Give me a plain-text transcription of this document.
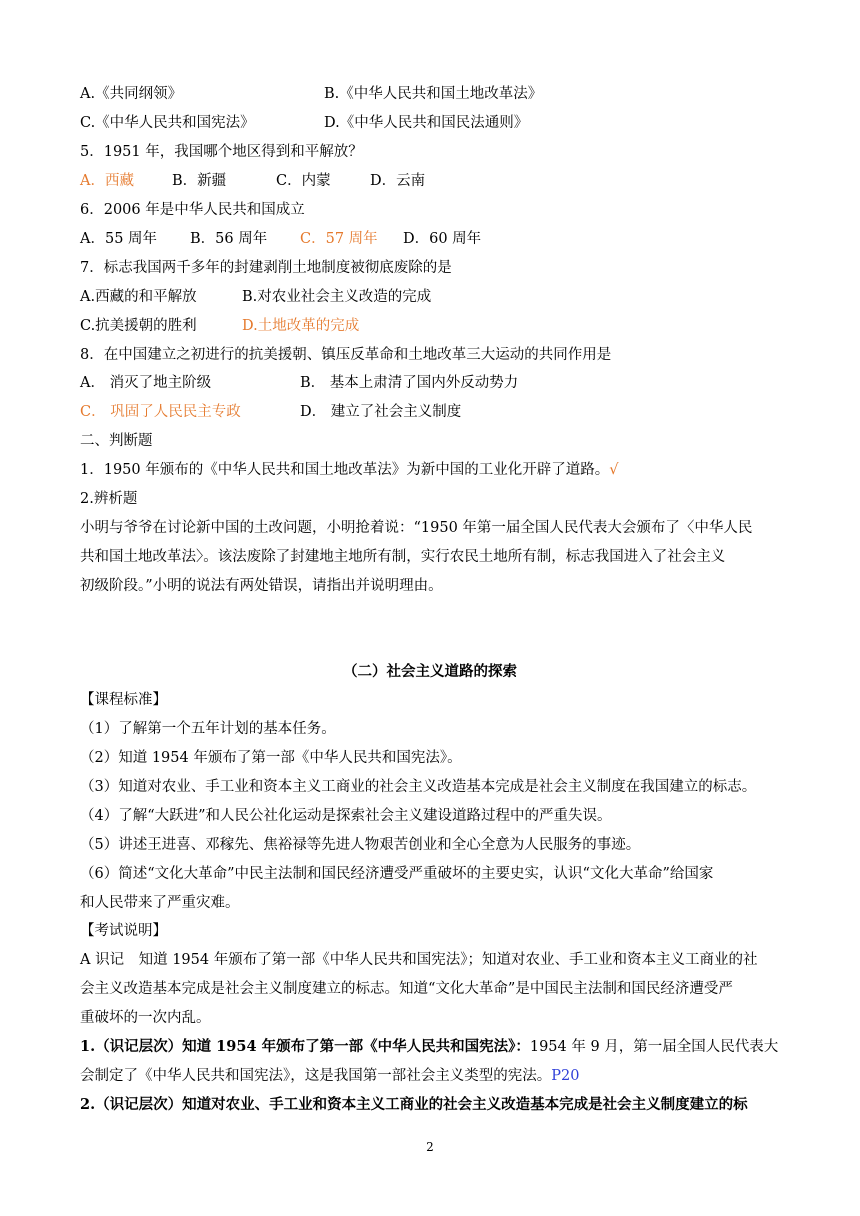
A.《共同纲领》	B.《中华人民共和国土地改革法》
C.《中华人民共和国宪法》	D.《中华人民共和国民法通则》
5．1951 年，我国哪个地区得到和平解放？
A．西藏	B．新疆	C．内蒙	D．云南
6．2006 年是中华人民共和国成立
A．55 周年 B．56 周年 C．57 周年 D．60 周年
7．标志我国两千多年的封建剥削土地制度被彻底废除的是
A.西藏的和平解放	B.对农业社会主义改造的完成
C.抗美援朝的胜利	D.土地改革的完成
8．在中国建立之初进行的抗美援朝、镇压反革命和土地改革三大运动的共同作用是
A． 消灭了地主阶级	B． 基本上肃清了国内外反动势力
C． 巩固了人民民主专政	D． 建立了社会主义制度
二、判断题
1．1950 年颁布的《中华人民共和国土地改革法》为新中国的工业化开辟了道路。√
2.辨析题
小明与爷爷在讨论新中国的土改问题，小明抢着说：“1950 年第一届全国人民代表大会颁布了〈中华人民
共和国土地改革法〉。该法废除了封建地主地所有制，实行农民土地所有制，标志我国进入了社会主义
初级阶段。”小明的说法有两处错误，请指出并说明理由。
（二）社会主义道路的探索
【课程标准】
（1）了解第一个五年计划的基本任务。
（2）知道 1954 年颁布了第一部《中华人民共和国宪法》。
（3）知道对农业、手工业和资本主义工商业的社会主义改造基本完成是社会主义制度在我国建立的标志。
（4）了解“大跃进”和人民公社化运动是探索社会主义建设道路过程中的严重失误。
（5）讲述王进喜、邓稼先、焦裕禄等先进人物艰苦创业和全心全意为人民服务的事迹。
（6）简述“文化大革命”中民主法制和国民经济遭受严重破坏的主要史实，认识“文化大革命”给国家
和人民带来了严重灾难。
【考试说明】
A 识记　知道 1954 年颁布了第一部《中华人民共和国宪法》；知道对农业、手工业和资本主义工商业的社
会主义改造基本完成是社会主义制度建立的标志。知道“文化大革命”是中国民主法制和国民经济遭受严
重破坏的一次内乱。
1.（识记层次）知道 1954 年颁布了第一部《中华人民共和国宪法》：1954 年 9 月，第一届全国人民代表大
会制定了《中华人民共和国宪法》，这是我国第一部社会主义类型的宪法。P20
2.（识记层次）知道对农业、手工业和资本主义工商业的社会主义改造基本完成是社会主义制度建立的标
2
